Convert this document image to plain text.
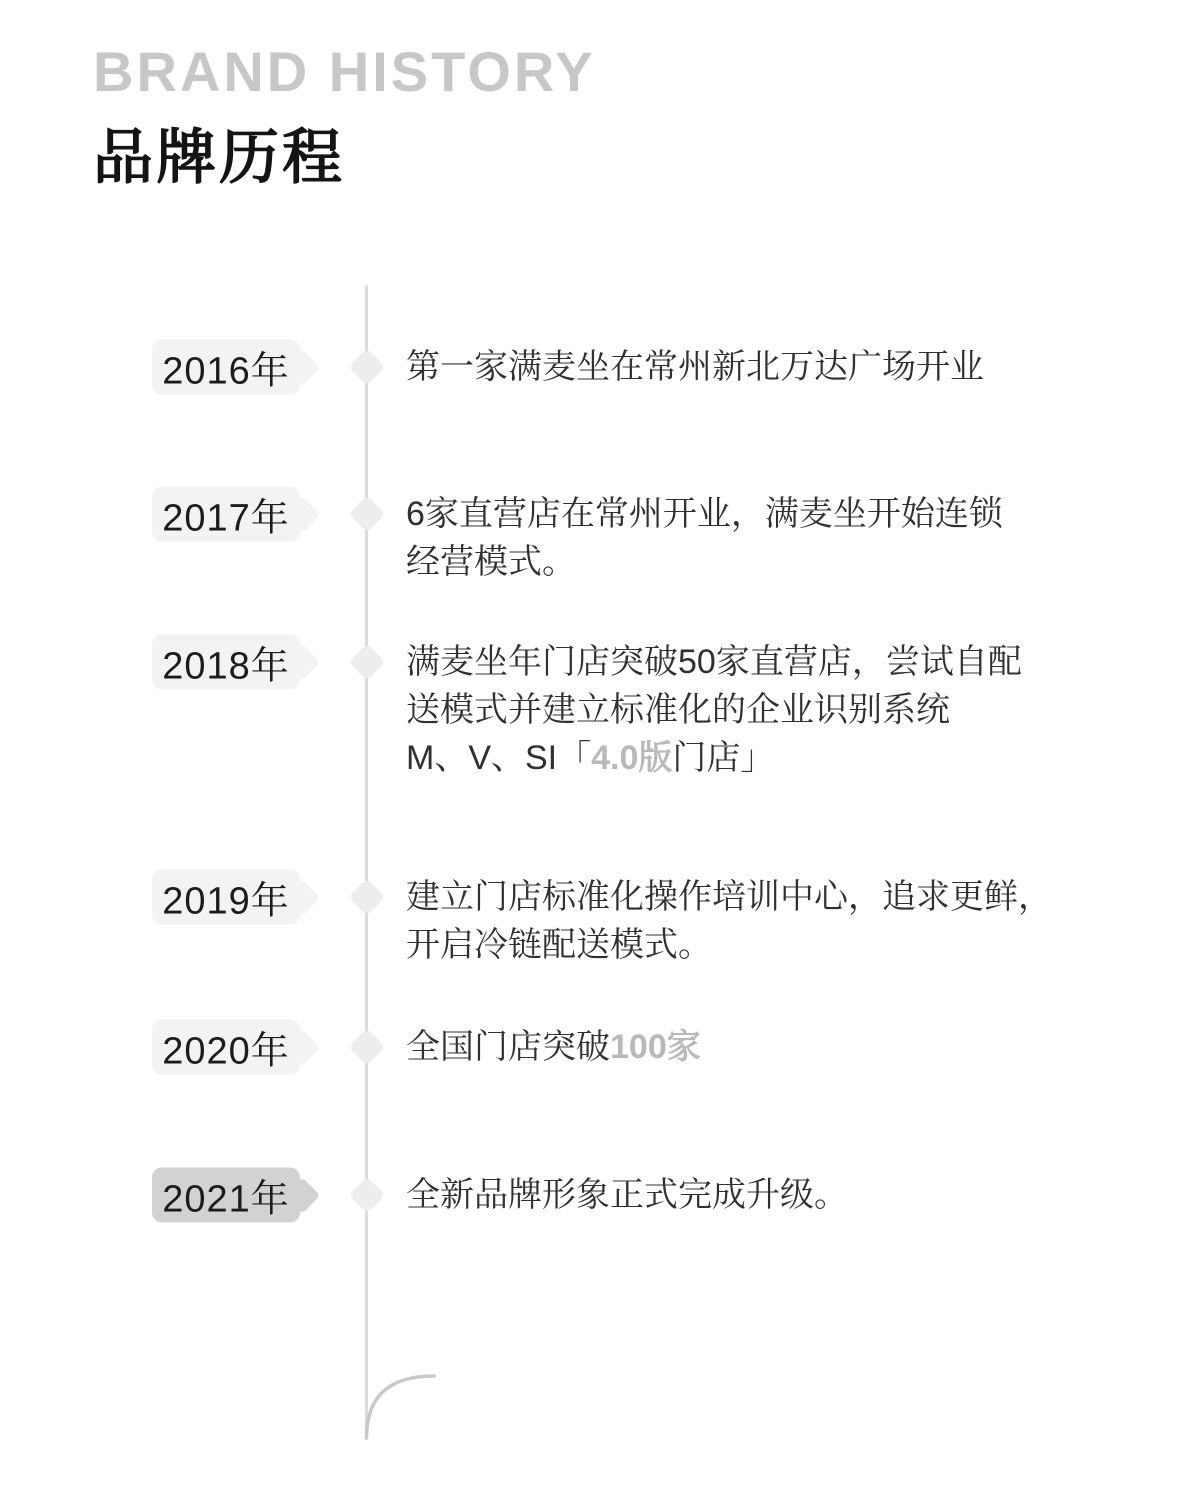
BRAND HISTORY
品牌历程
2016年	第一家满麦坐在常州新北万达广场开业
2017年	6家直营店在常州开业，满麦坐开始连锁
经营模式。
2018年	满麦坐年门店突破50家直营店，尝试自配
送模式并建立标准化的企业识别系统
M、V、SI「4.0版门店」
2019年	建立门店标准化操作培训中心，追求更鲜，
开启冷链配送模式。
2020年	全国门店突破100家
2021年	全新品牌形象正式完成升级。
